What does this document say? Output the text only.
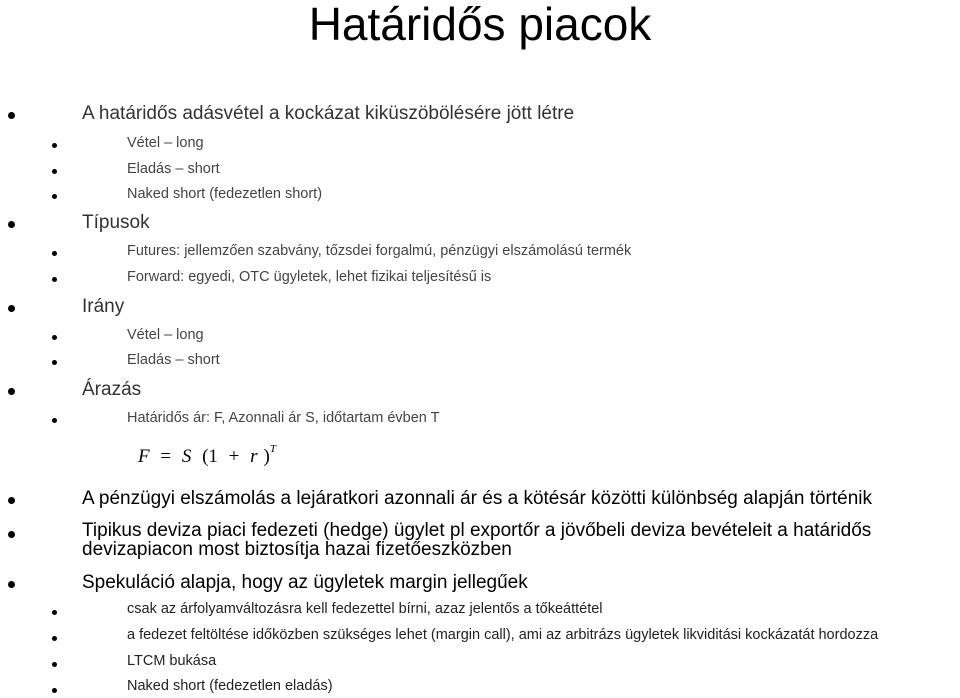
Határidős piacok
A határidős adásvétel a kockázat kiküszöbölésére jött létre
Vétel – long
Eladás – short
Naked short (fedezetlen short)
Típusok
Futures: jellemzően szabvány, tőzsdei forgalmú, pénzügyi elszámolású termék
Forward: egyedi, OTC ügyletek, lehet fizikai teljesítésű is
Irány
Vétel – long
Eladás – short
Árazás
Határidős ár: F, Azonnali ár S, időtartam évben T
F = S (1 + r )$^T$
A pénzügyi elszámolás a lejáratkori azonnali ár és a kötésár közötti különbség alapján történik
Tipikus deviza piaci fedezeti (hedge) ügylet pl exportőr a jövőbeli deviza bevételeit a határidős devizapiacon most biztosítja hazai fizetőeszközben
Spekuláció alapja, hogy az ügyletek margin jellegűek
csak az árfolyamváltozásra kell fedezettel bírni, azaz jelentős a tőkeáttétel
a fedezet feltöltése időközben szükséges lehet (margin call), ami az arbitrázs ügyletek likviditási kockázatát hordozza
LTCM bukása
Naked short (fedezetlen eladás)
